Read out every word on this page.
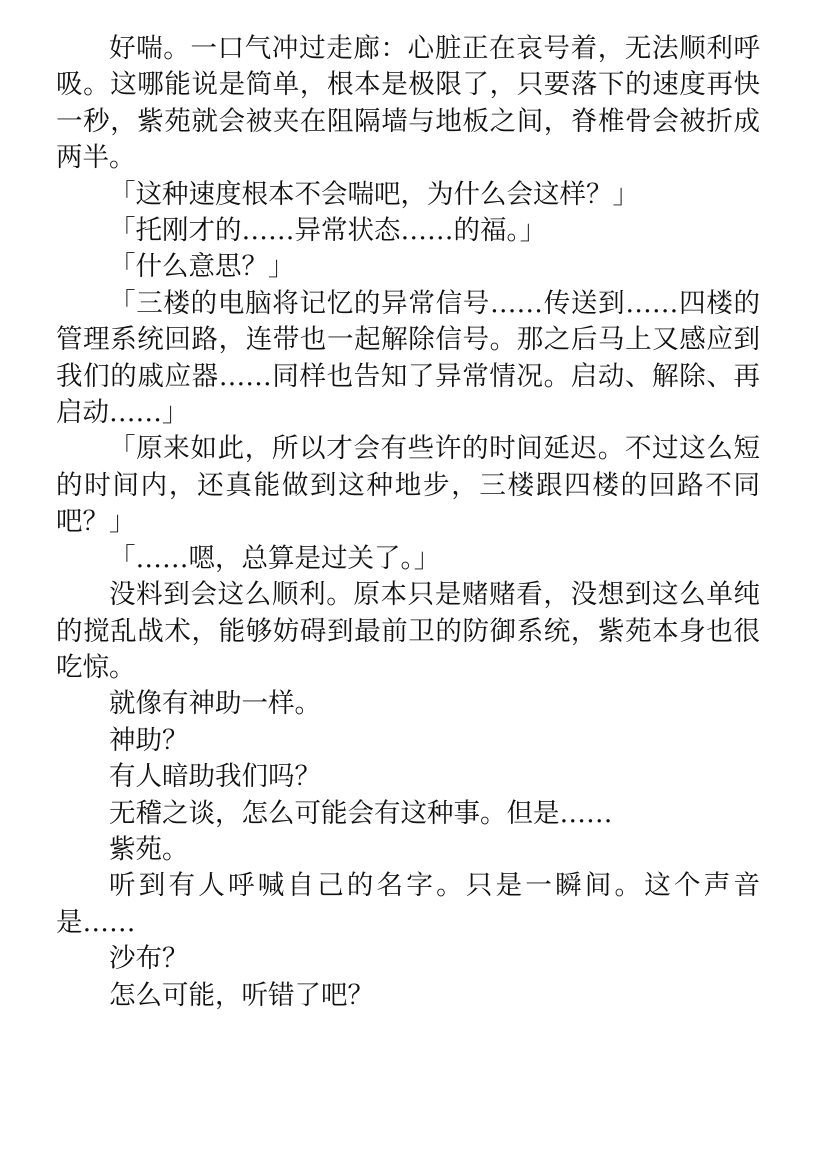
好喘。一口气冲过走廊：心脏正在哀号着，无法顺利呼吸。这哪能说是简单，根本是极限了，只要落下的速度再快一秒，紫苑就会被夹在阻隔墙与地板之间，脊椎骨会被折成两半。

「这种速度根本不会喘吧，为什么会这样？」

「托刚才的……异常状态……的福。」

「什么意思？」

「三楼的电脑将记忆的异常信号……传送到……四楼的管理系统回路，连带也一起解除信号。那之后马上又感应到我们的戚应器……同样也告知了异常情况。启动、解除、再启动……」

「原来如此，所以才会有些许的时间延迟。不过这么短的时间内，还真能做到这种地步，三楼跟四楼的回路不同吧？」

「……嗯，总算是过关了。」

没料到会这么顺利。原本只是赌赌看，没想到这么单纯的搅乱战术，能够妨碍到最前卫的防御系统，紫苑本身也很吃惊。

就像有神助一样。

神助？

有人暗助我们吗？

无稽之谈，怎么可能会有这种事。但是……

紫苑。

听到有人呼喊自己的名字。只是一瞬间。这个声音是……

沙布？

怎么可能，听错了吧？
